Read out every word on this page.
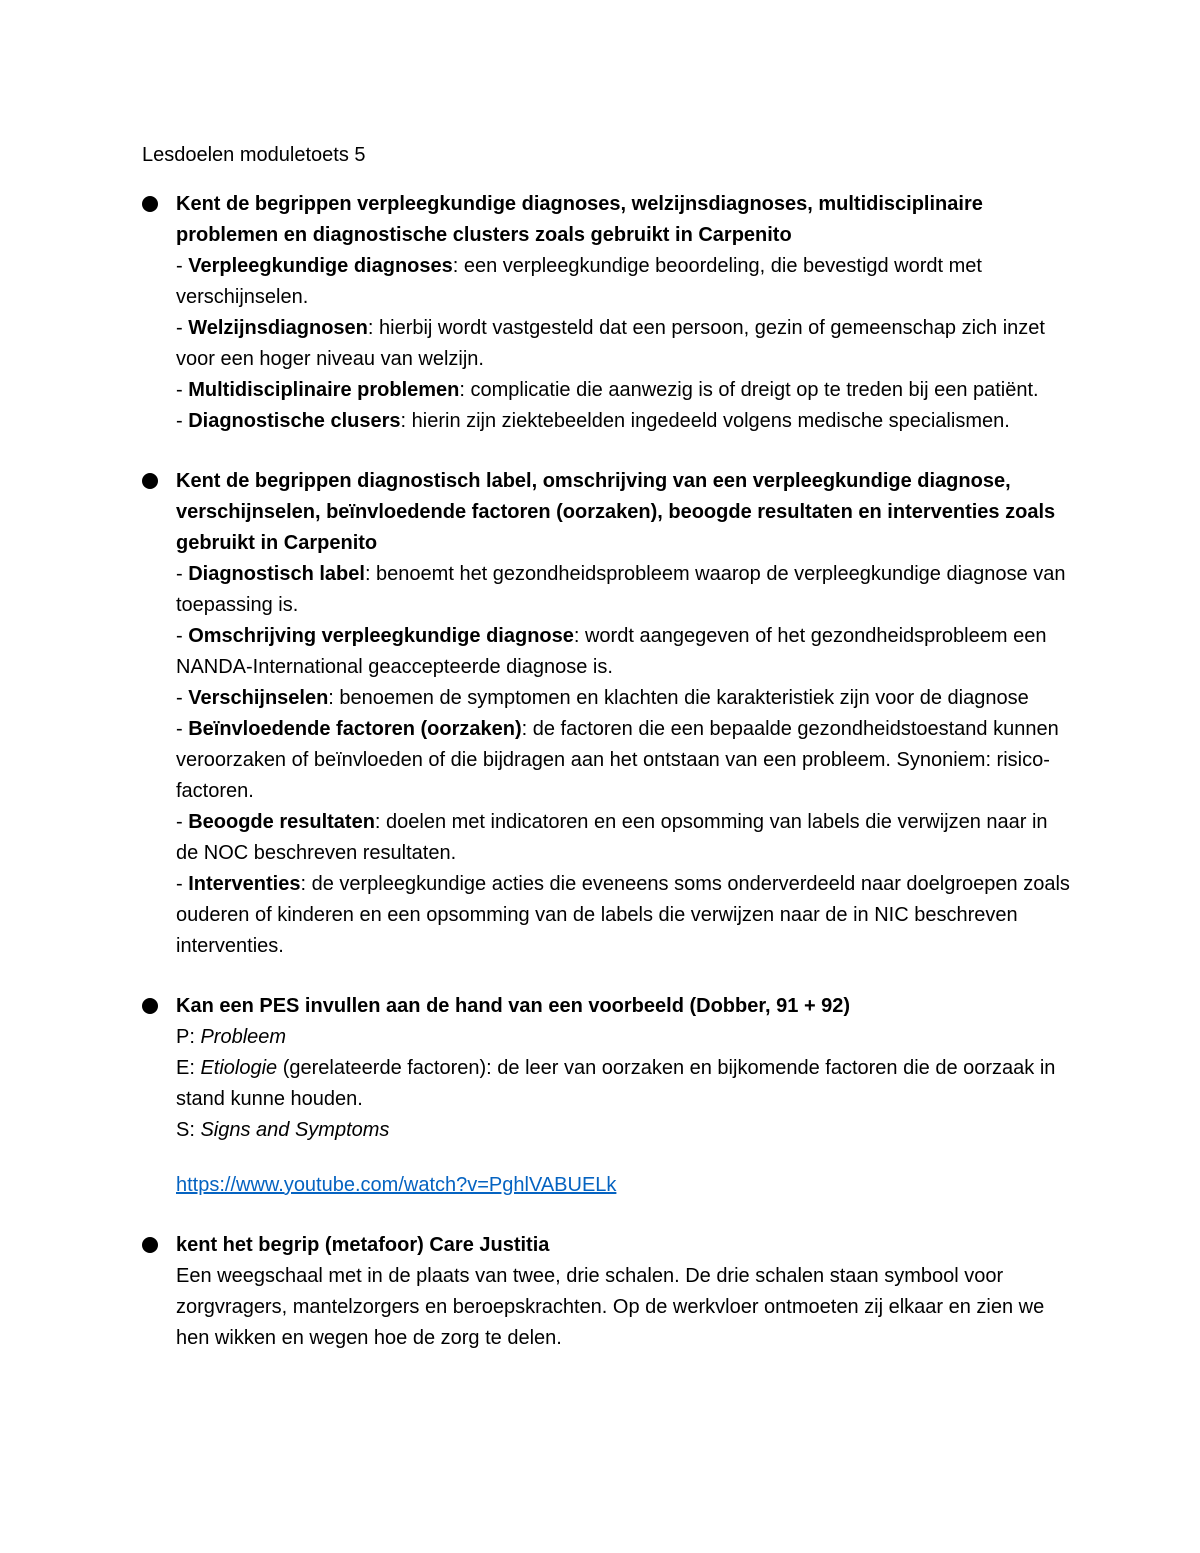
Lesdoelen moduletoets 5
Kent de begrippen verpleegkundige diagnoses, welzijnsdiagnoses, multidisciplinaire problemen en diagnostische clusters zoals gebruikt in Carpenito
- Verpleegkundige diagnoses: een verpleegkundige beoordeling, die bevestigd wordt met verschijnselen.
- Welzijnsdiagnosen: hierbij wordt vastgesteld dat een persoon, gezin of gemeenschap zich inzet voor een hoger niveau van welzijn.
- Multidisciplinaire problemen: complicatie die aanwezig is of dreigt op te treden bij een patiënt.
- Diagnostische clusers: hierin zijn ziektebeelden ingedeeld volgens medische specialismen.
Kent de begrippen diagnostisch label, omschrijving van een verpleegkundige diagnose, verschijnselen, beïnvloedende factoren (oorzaken), beoogde resultaten en interventies zoals gebruikt in Carpenito
- Diagnostisch label: benoemt het gezondheidsprobleem waarop de verpleegkundige diagnose van toepassing is.
- Omschrijving verpleegkundige diagnose: wordt aangegeven of het gezondheidsprobleem een NANDA-International geaccepteerde diagnose is.
- Verschijnselen: benoemen de symptomen en klachten die karakteristiek zijn voor de diagnose
- Beïnvloedende factoren (oorzaken): de factoren die een bepaalde gezondheidstoestand kunnen veroorzaken of beïnvloeden of die bijdragen aan het ontstaan van een probleem. Synoniem: risico-factoren.
- Beoogde resultaten: doelen met indicatoren en een opsomming van labels die verwijzen naar in de NOC beschreven resultaten.
- Interventies: de verpleegkundige acties die eveneens soms onderverdeeld naar doelgroepen zoals ouderen of kinderen en een opsomming van de labels die verwijzen naar de in NIC beschreven interventies.
Kan een PES invullen aan de hand van een voorbeeld (Dobber, 91 + 92)
P: Probleem
E: Etiologie (gerelateerde factoren): de leer van oorzaken en bijkomende factoren die de oorzaak in stand kunne houden.
S: Signs and Symptoms
https://www.youtube.com/watch?v=PghlVABUELk
kent het begrip (metafoor) Care Justitia
Een weegschaal met in de plaats van twee, drie schalen. De drie schalen staan symbool voor zorgvragers, mantelzorgers en beroepskrachten. Op de werkvloer ontmoeten zij elkaar en zien we hen wikken en wegen hoe de zorg te delen.
